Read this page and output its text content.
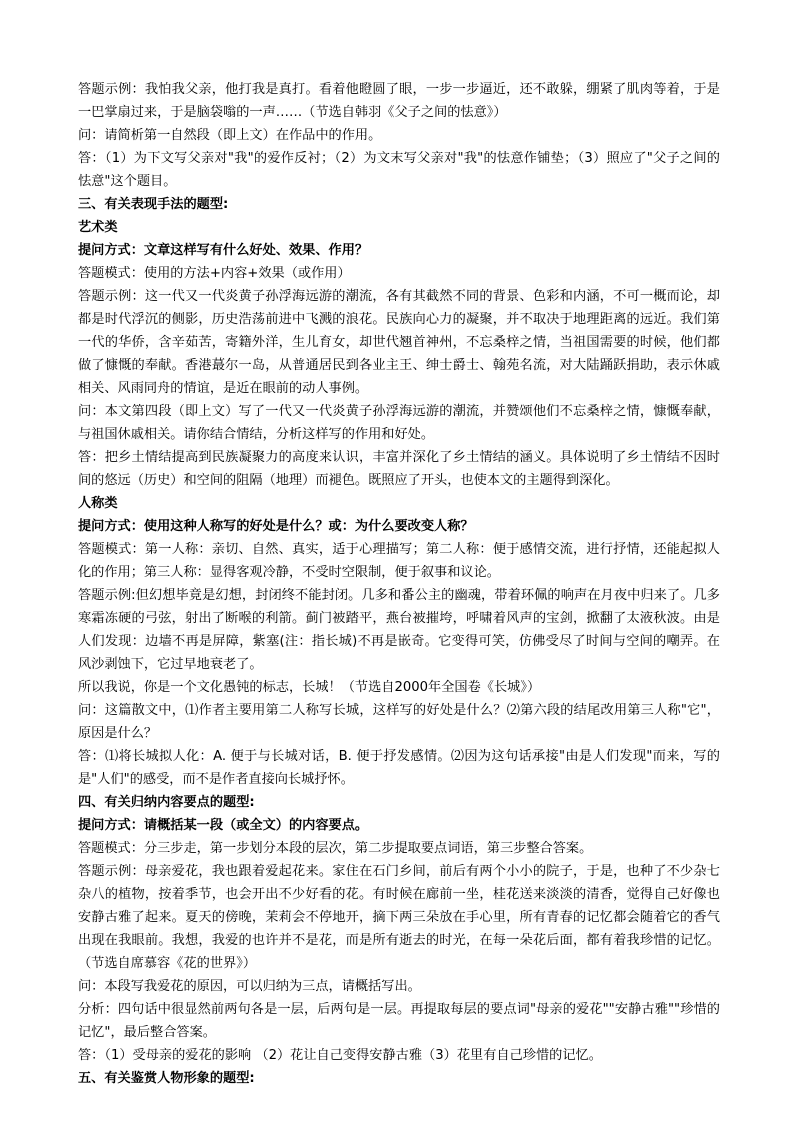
答题示例：我怕我父亲，他打我是真打。看着他瞪圆了眼，一步一步逼近，还不敢躲，绷紧了肌肉等着，于是一巴掌扇过来，于是脑袋嗡的一声……（节选自韩羽《父子之间的怯意》）

问：请简析第一自然段（即上文）在作品中的作用。

答：（1）为下文写父亲对"我"的爱作反衬；（2）为文末写父亲对"我"的怯意作铺垫；（3）照应了"父子之间的怯意"这个题目。

三、有关表现手法的题型:

艺术类

提问方式：文章这样写有什么好处、效果、作用？

答题模式：使用的方法+内容+效果（或作用）

答题示例：这一代又一代炎黄子孙浮海远游的潮流，各有其截然不同的背景、色彩和内涵，不可一概而论，却都是时代浮沉的侧影，历史浩荡前进中飞溅的浪花。民族向心力的凝聚，并不取决于地理距离的远近。我们第一代的华侨，含辛茹苦，寄籍外洋，生儿育女，却世代翘首神州，不忘桑梓之情，当祖国需要的时候，他们都做了慷慨的奉献。香港蕞尔一岛，从普通居民到各业主王、绅士爵士、翰苑名流，对大陆踊跃捐助，表示休戚相关、风雨同舟的情谊，是近在眼前的动人事例。

问：本文第四段（即上文）写了一代又一代炎黄子孙浮海远游的潮流，并赞颂他们不忘桑梓之情，慷慨奉献，与祖国休戚相关。请你结合情结，分析这样写的作用和好处。

答：把乡土情结提高到民族凝聚力的高度来认识，丰富并深化了乡土情结的涵义。具体说明了乡土情结不因时间的悠远（历史）和空间的阻隔（地理）而褪色。既照应了开头，也使本文的主题得到深化。

人称类

提问方式：使用这种人称写的好处是什么？或：为什么要改变人称？

答题模式：第一人称：亲切、自然、真实，适于心理描写；第二人称：便于感情交流，进行抒情，还能起拟人化的作用；第三人称：显得客观冷静，不受时空限制，便于叙事和议论。

答题示例:但幻想毕竟是幻想，封闭终不能封闭。几多和番公主的幽魂，带着环佩的响声在月夜中归来了。几多寒霜冻硬的弓弦，射出了断喉的利箭。蓟门被踏平，燕台被摧垮，呼啸着风声的宝剑，掀翻了太液秋波。由是人们发现：边墙不再是屏障，紫塞(注：指长城)不再是嵌奇。它变得可笑，仿佛受尽了时间与空间的嘲弄。在风沙剥蚀下，它过早地衰老了。

所以我说，你是一个文化愚钝的标志，长城！（节选自2000年全国卷《长城》）

问：这篇散文中，⑴作者主要用第二人称写长城，这样写的好处是什么？⑵第六段的结尾改用第三人称"它"，原因是什么？

答：⑴将长城拟人化：A. 便于与长城对话，B. 便于抒发感情。⑵因为这句话承接"由是人们发现"而来，写的是"人们"的感受，而不是作者直接向长城抒怀。

四、有关归纳内容要点的题型:

提问方式：请概括某一段（或全文）的内容要点。

答题模式：分三步走，第一步划分本段的层次，第二步提取要点词语，第三步整合答案。

答题示例：母亲爱花，我也跟着爱起花来。家住在石门乡间，前后有两个小小的院子，于是，也种了不少杂七杂八的植物，按着季节，也会开出不少好看的花。有时候在廊前一坐，桂花送来淡淡的清香，觉得自己好像也安静古雅了起来。夏天的傍晚，茉莉会不停地开，摘下两三朵放在手心里，所有青春的记忆都会随着它的香气出现在我眼前。我想，我爱的也许并不是花，而是所有逝去的时光，在每一朵花后面，都有着我珍惜的记忆。（节选自席慕容《花的世界》）

问：本段写我爱花的原因，可以归纳为三点，请概括写出。

分析：四句话中很显然前两句各是一层，后两句是一层。再提取每层的要点词"母亲的爱花""安静古雅""珍惜的记忆"，最后整合答案。

答：（1）受母亲的爱花的影响 （2）花让自己变得安静古雅（3）花里有自己珍惜的记忆。

五、有关鉴赏人物形象的题型:
